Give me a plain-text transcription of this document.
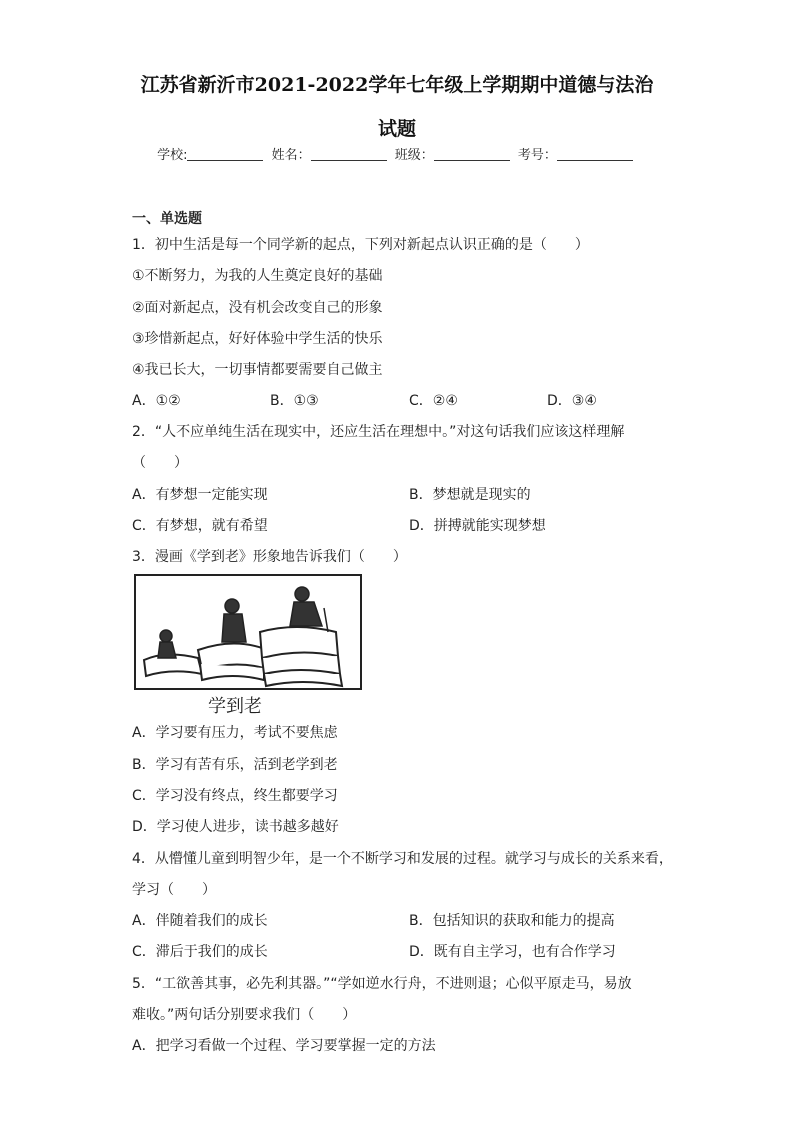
江苏省新沂市2021-2022学年七年级上学期期中道德与法治
试题
学校:	姓名：	班级：	考号：
一、单选题
1．初中生活是每一个同学新的起点，下列对新起点认识正确的是（　　）
①不断努力，为我的人生奠定良好的基础
②面对新起点，没有机会改变自己的形象
③珍惜新起点，好好体验中学生活的快乐
④我已长大，一切事情都要需要自己做主
A．①②	B．①③	C．②④	D．③④
2．“人不应单纯生活在现实中，还应生活在理想中。”对这句话我们应该这样理解
（　　）
A．有梦想一定能实现	B．梦想就是现实的
C．有梦想，就有希望	D．拼搏就能实现梦想
3．漫画《学到老》形象地告诉我们（　　）
学到老
A．学习要有压力，考试不要焦虑
B．学习有苦有乐，活到老学到老
C．学习没有终点，终生都要学习
D．学习使人进步，读书越多越好
4．从懵懂儿童到明智少年，是一个不断学习和发展的过程。就学习与成长的关系来看，
学习（　　）
A．伴随着我们的成长	B．包括知识的获取和能力的提高
C．滞后于我们的成长	D．既有自主学习，也有合作学习
5．“工欲善其事，必先利其器。”“学如逆水行舟，不进则退；心似平原走马，易放
难收。”两句话分别要求我们（　　）
A．把学习看做一个过程、学习要掌握一定的方法
